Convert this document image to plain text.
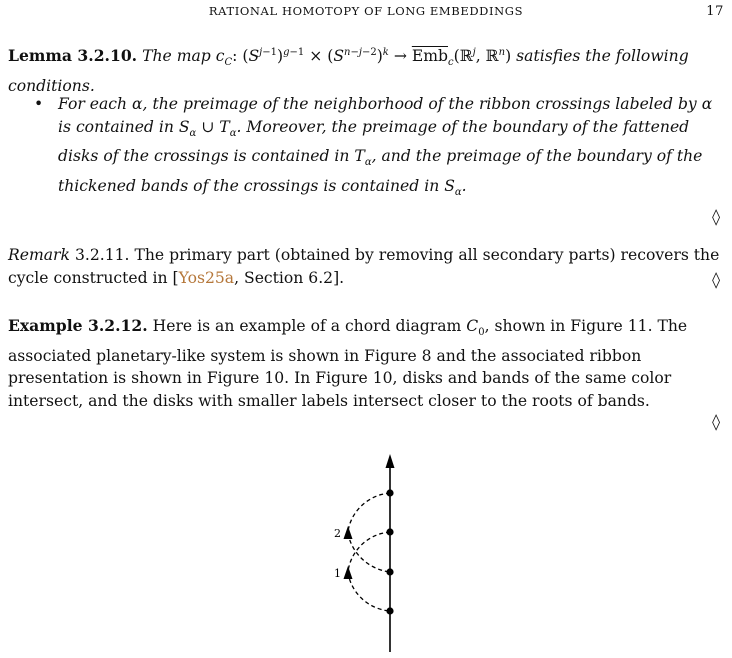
RATIONAL HOMOTOPY OF LONG EMBEDDINGS	17
Lemma 3.2.10. The map $c_C$: $(S^{j-1})^{g-1} \times (S^{n-j-2})^k$ → $\overline{Emb}_c(ℝ^j$, ℝ$^n$) satisfies the following conditions.
• For each α, the preimage of the neighborhood of the ribbon crossings labeled by α is contained in $S_\alpha$ ∪ $T_\alpha$. Moreover, the preimage of the boundary of the fattened disks of the crossings is contained in $T_\alpha$, and the preimage of the boundary of the thickened bands of the crossings is contained in $S_\alpha$.
◊
Remark 3.2.11. The primary part (obtained by removing all secondary parts) recovers the cycle constructed in [Yos25a, Section 6.2].	◊
Example 3.2.12. Here is an example of a chord diagram $C_0$, shown in Figure 11. The associated planetary-like system is shown in Figure 8 and the associated ribbon presentation is shown in Figure 10. In Figure 10, disks and bands of the same color intersect, and the disks with smaller labels intersect closer to the roots of bands.
◊
2
1
